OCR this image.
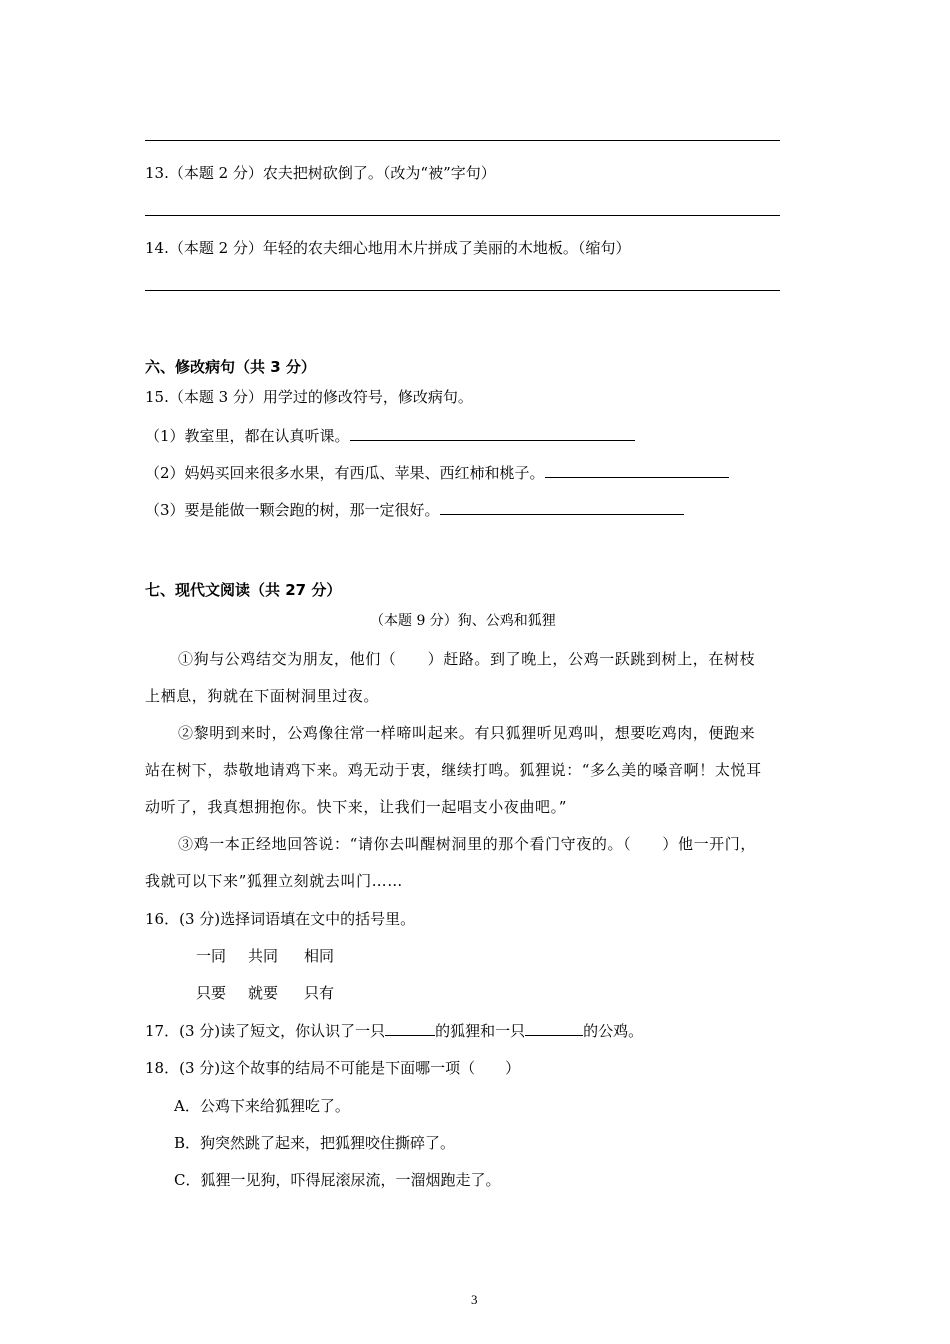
13.（本题 2 分）农夫把树砍倒了。（改为“被”字句）
14.（本题 2 分）年轻的农夫细心地用木片拼成了美丽的木地板。（缩句）
六、修改病句（共 3 分）
15.（本题 3 分）用学过的修改符号，修改病句。
（1）教室里，都在认真听课。
（2）妈妈买回来很多水果，有西瓜、苹果、西红柿和桃子。
（3）要是能做一颗会跑的树，那一定很好。
七、现代文阅读（共 27 分）
（本题 9 分）狗、公鸡和狐狸
①狗与公鸡结交为朋友，他们（　　）赶路。到了晚上，公鸡一跃跳到树上，在树枝
上栖息，狗就在下面树洞里过夜。
②黎明到来时，公鸡像往常一样啼叫起来。有只狐狸听见鸡叫，想要吃鸡肉，便跑来
站在树下，恭敬地请鸡下来。鸡无动于衷，继续打鸣。狐狸说：“多么美的嗓音啊！太悦耳
动听了，我真想拥抱你。快下来，让我们一起唱支小夜曲吧。”
③鸡一本正经地回答说：“请你去叫醒树洞里的那个看门守夜的。（　　）他一开门，
我就可以下来”狐狸立刻就去叫门……
16．(3 分)选择词语填在文中的括号里。
一同 共同 相同
只要 就要 只有
17．(3 分)读了短文，你认识了一只	的狐狸和一只	的公鸡。
18．(3 分)这个故事的结局不可能是下面哪一项（　　）
A．公鸡下来给狐狸吃了。
B．狗突然跳了起来，把狐狸咬住撕碎了。
C．狐狸一见狗，吓得屁滚尿流，一溜烟跑走了。
3
